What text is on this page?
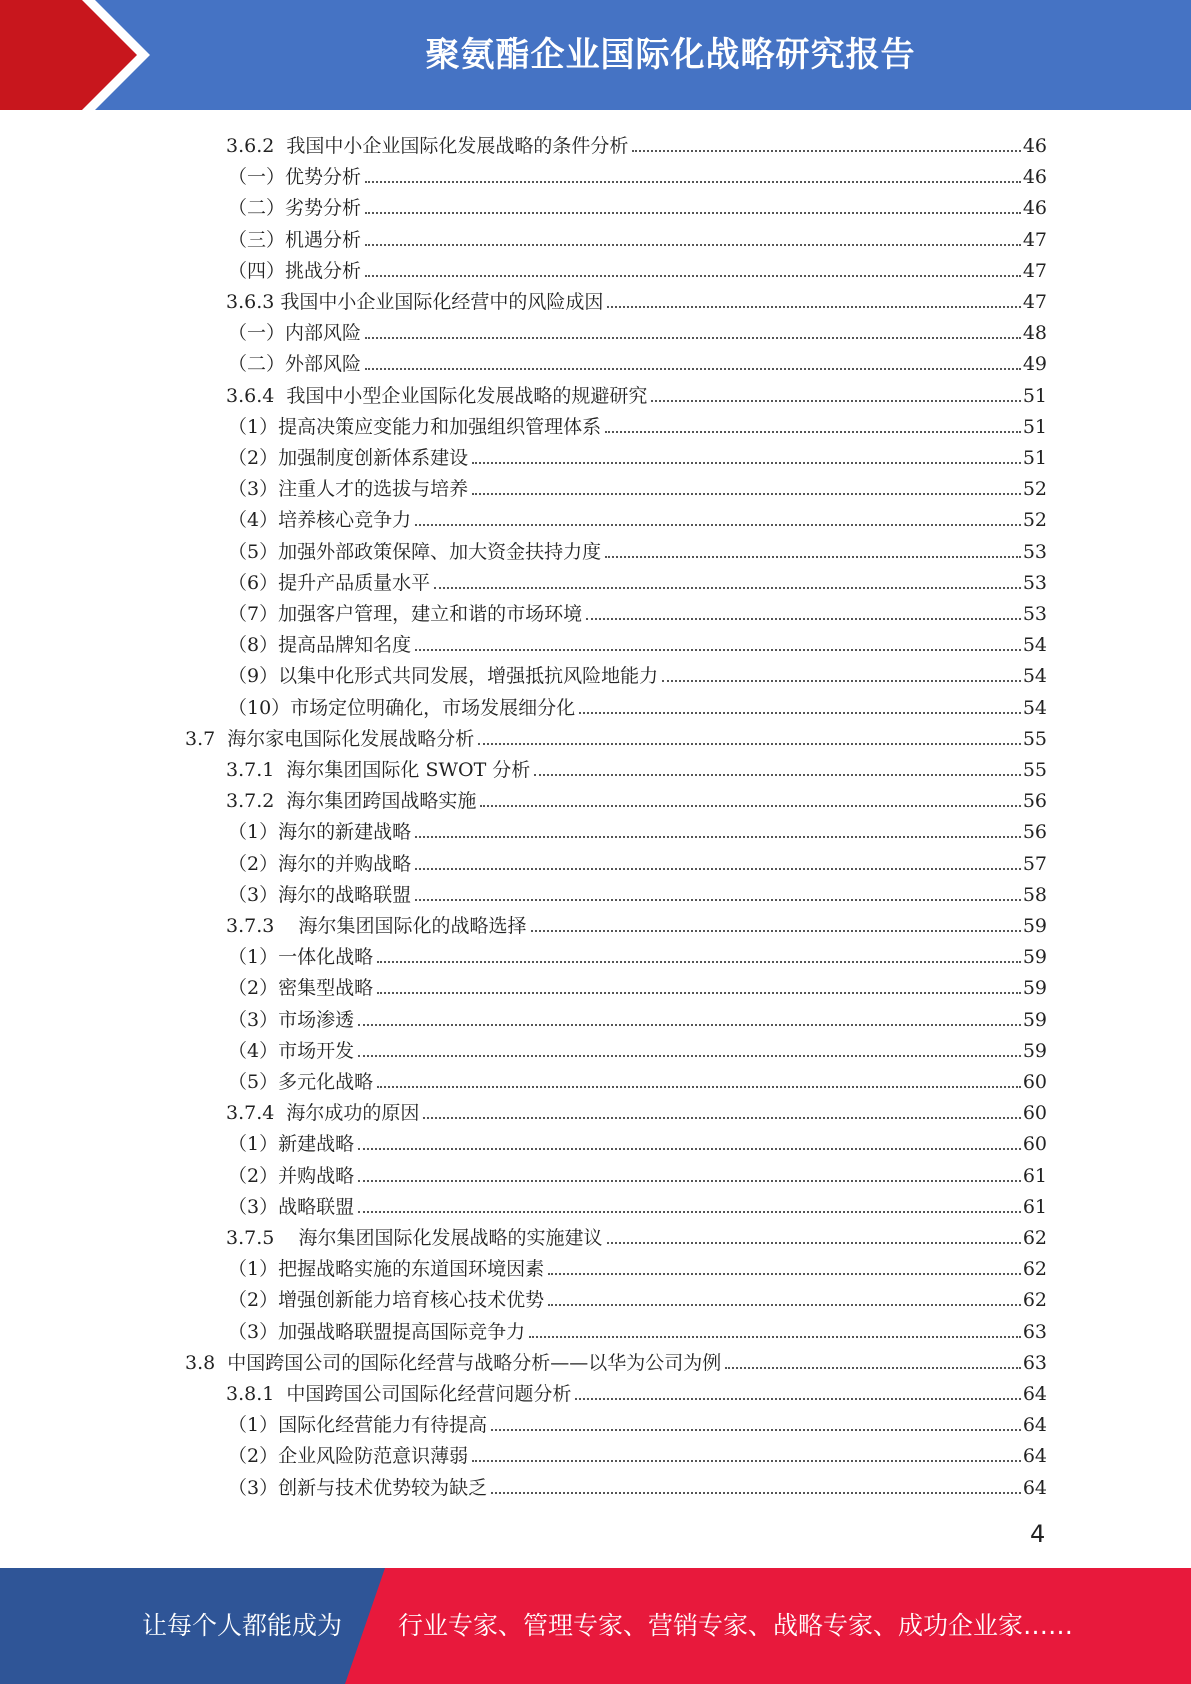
聚氨酯企业国际化战略研究报告
3.6.2  我国中小企业国际化发展战略的条件分析	46
（一）优势分析	46
（二）劣势分析	46
（三）机遇分析	47
（四）挑战分析	47
3.6.3 我国中小企业国际化经营中的风险成因	47
（一）内部风险	48
（二）外部风险	49
3.6.4  我国中小型企业国际化发展战略的规避研究	51
（1）提高决策应变能力和加强组织管理体系	51
（2）加强制度创新体系建设	51
（3）注重人才的选拔与培养	52
（4）培养核心竞争力	52
（5）加强外部政策保障、加大资金扶持力度	53
（6）提升产品质量水平	53
（7）加强客户管理，建立和谐的市场环境	53
（8）提高品牌知名度	54
（9）以集中化形式共同发展，增强抵抗风险地能力	54
（10）市场定位明确化，市场发展细分化	54
3.7  海尔家电国际化发展战略分析	55
3.7.1  海尔集团国际化 SWOT 分析	55
3.7.2  海尔集团跨国战略实施	56
（1）海尔的新建战略	56
（2）海尔的并购战略	57
（3）海尔的战略联盟	58
3.7.3    海尔集团国际化的战略选择	59
（1）一体化战略	59
（2）密集型战略	59
（3）市场渗透	59
（4）市场开发	59
（5）多元化战略	60
3.7.4  海尔成功的原因	60
（1）新建战略	60
（2）并购战略	61
（3）战略联盟	61
3.7.5    海尔集团国际化发展战略的实施建议	62
（1）把握战略实施的东道国环境因素	62
（2）增强创新能力培育核心技术优势	62
（3）加强战略联盟提高国际竞争力	63
3.8  中国跨国公司的国际化经营与战略分析——以华为公司为例	63
3.8.1  中国跨国公司国际化经营问题分析	64
（1）国际化经营能力有待提高	64
（2）企业风险防范意识薄弱	64
（3）创新与技术优势较为缺乏	64
4
让每个人都能成为 行业专家、管理专家、营销专家、战略专家、成功企业家……
